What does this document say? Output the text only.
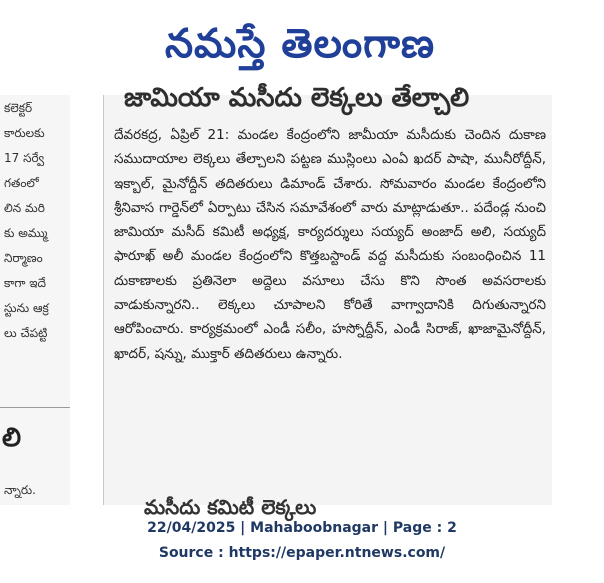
నమస్తే తెలంగాణ
కలెక్టర్
కారులకు
17 సర్వే
గతంలో
లిన మరి
కు అమ్ము
నిర్మాణం
కాగా ఇదే
స్టును ఆక్ర
లు చేపట్టి
లి
న్నారు.
జామియా మసీదు లెక్కలు తేల్చాలి
దేవరకద్ర, ఏప్రిల్ 21: మండల కేంద్రంలోని జామీయా మసీదుకు చెందిన దుకాణ సముదాయాల లెక్కలు తేల్చాలని పట్టణ ముస్లింలు ఎంఏ ఖదర్ పాషా, మునీరోద్దీన్, ఇక్బాల్, మైనోద్దీన్ తదితరులు డిమాండ్ చేశారు. సోమవారం మండల కేంద్రంలోని శ్రీనివాస గార్డెన్‌లో ఏర్పాటు చేసిన సమావేశంలో వారు మాట్లాడుతూ.. పదేండ్ల నుంచి జామియా మసీద్ కమిటీ అధ్యక్ష, కార్యదర్శులు సయ్యద్ అంజాద్ అలి, సయ్యద్ ఫారూఖ్ అలీ మండల కేంద్రంలోని కొత్తబస్టాండ్ వద్ద మసీదుకు సంబంధించిన 11 దుకాణాలకు ప్రతినెలా అద్దెలు వసూలు చేసు కొని సొంత అవసరాలకు వాడుకున్నారని.. లెక్కలు చూపాలని కోరితే వాగ్వాదానికి దిగుతున్నారని ఆరోపించారు. కార్యక్రమంలో ఎండీ సలీం, హస్నోద్దీన్, ఎండీ సిరాజ్, ఖాజామైనోద్దీన్, ఖాదర్, షన్ను, ముక్తార్ తదితరులు ఉన్నారు.
మసీదు కమిటీ లెక్కలు
22/04/2025 | Mahaboobnagar | Page : 2
Source : https://epaper.ntnews.com/
